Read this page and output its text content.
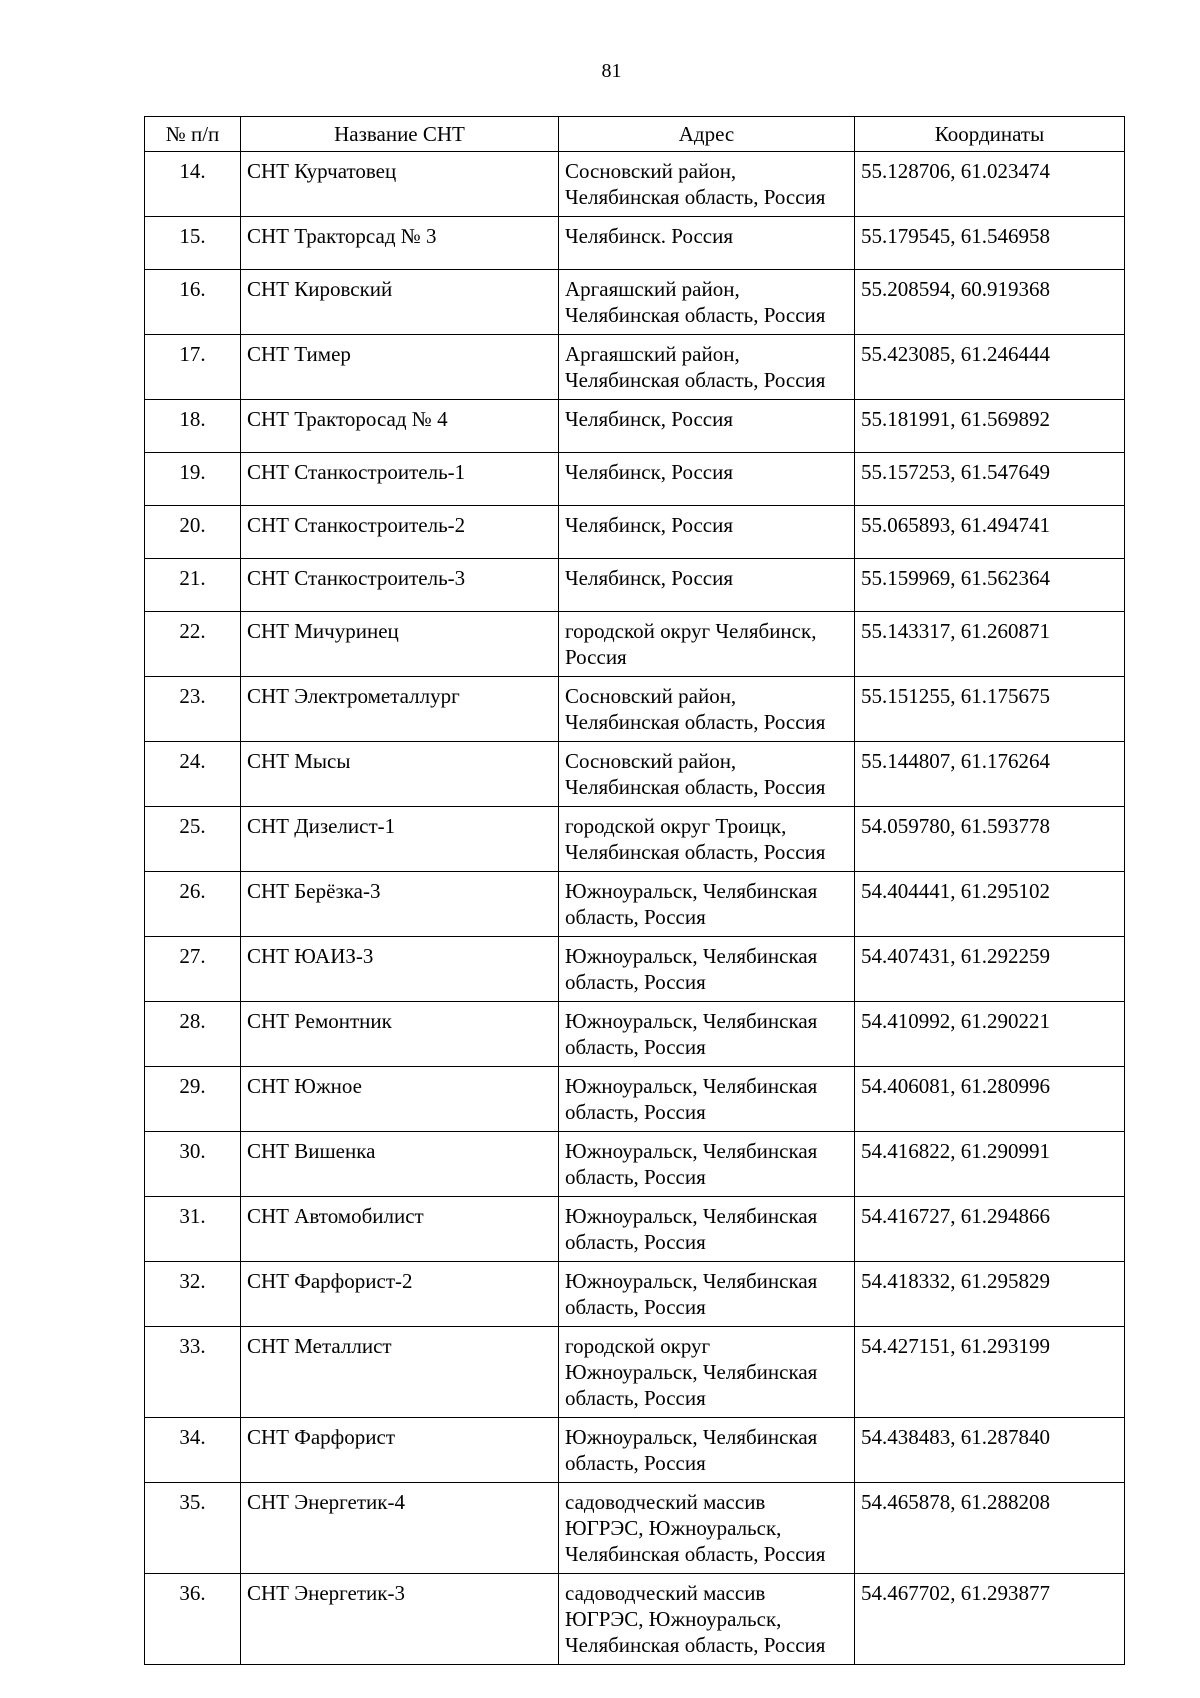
81
№ п/п	Название СНТ	Адрес	Координаты
14.	СНТ Курчатовец	Сосновский район, Челябинская область, Россия	55.128706, 61.023474
15.	СНТ Тракторсад № 3	Челябинск. Россия	55.179545, 61.546958
16.	СНТ Кировский	Аргаяшский район, Челябинская область, Россия	55.208594, 60.919368
17.	СНТ Тимер	Аргаяшский район, Челябинская область, Россия	55.423085, 61.246444
18.	СНТ Тракторосад № 4	Челябинск, Россия	55.181991, 61.569892
19.	СНТ Станкостроитель-1	Челябинск, Россия	55.157253, 61.547649
20.	СНТ Станкостроитель-2	Челябинск, Россия	55.065893, 61.494741
21.	СНТ Станкостроитель-3	Челябинск, Россия	55.159969, 61.562364
22.	СНТ Мичуринец	городской округ Челябинск, Россия	55.143317, 61.260871
23.	СНТ Электрометаллург	Сосновский район, Челябинская область, Россия	55.151255, 61.175675
24.	СНТ Мысы	Сосновский район, Челябинская область, Россия	55.144807, 61.176264
25.	СНТ Дизелист-1	городской округ Троицк, Челябинская область, Россия	54.059780, 61.593778
26.	СНТ Берёзка-3	Южноуральск, Челябинская область, Россия	54.404441, 61.295102
27.	СНТ ЮАИЗ-3	Южноуральск, Челябинская область, Россия	54.407431, 61.292259
28.	СНТ Ремонтник	Южноуральск, Челябинская область, Россия	54.410992, 61.290221
29.	СНТ Южное	Южноуральск, Челябинская область, Россия	54.406081, 61.280996
30.	СНТ Вишенка	Южноуральск, Челябинская область, Россия	54.416822, 61.290991
31.	СНТ Автомобилист	Южноуральск, Челябинская область, Россия	54.416727, 61.294866
32.	СНТ Фарфорист-2	Южноуральск, Челябинская область, Россия	54.418332, 61.295829
33.	СНТ Металлист	городской округ Южноуральск, Челябинская область, Россия	54.427151, 61.293199
34.	СНТ Фарфорист	Южноуральск, Челябинская область, Россия	54.438483, 61.287840
35.	СНТ Энергетик-4	садоводческий массив ЮГРЭС, Южноуральск, Челябинская область, Россия	54.465878, 61.288208
36.	СНТ Энергетик-3	садоводческий массив ЮГРЭС, Южноуральск, Челябинская область, Россия	54.467702, 61.293877
